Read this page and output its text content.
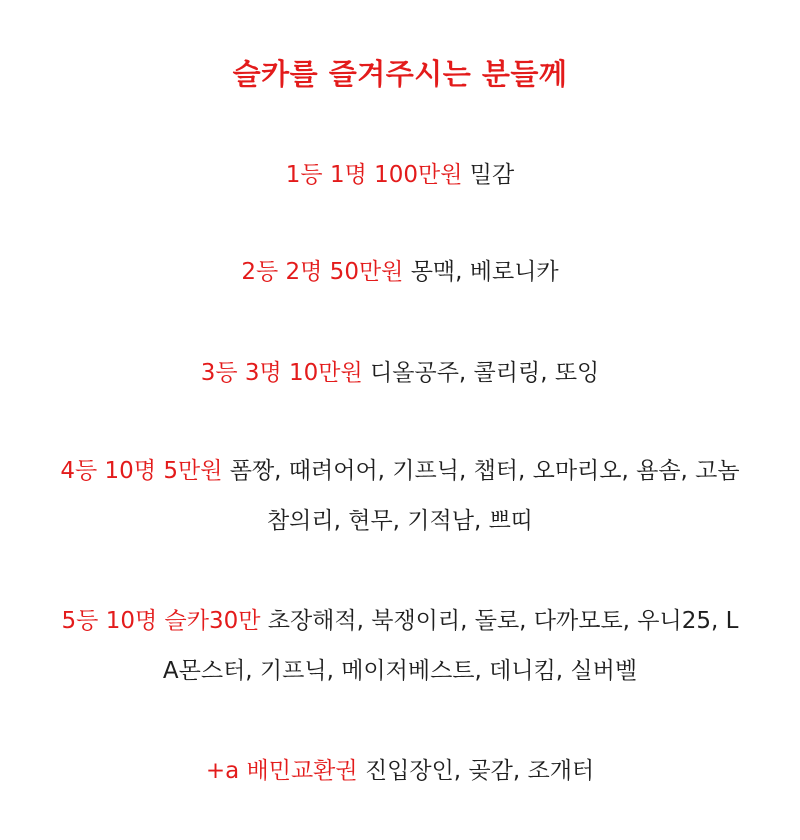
슬카를 즐겨주시는 분들께
1등 1명 100만원 밀감
2등 2명 50만원 몽맥, 베로니카
3등 3명 10만원 디올공주, 콜리링, 또잉
4등 10명 5만원 폼짱, 때려어어, 기프닉, 챕터, 오마리오, 욤솜, 고놈
참의리, 현무, 기적남, 쁘띠
5등 10명 슬카30만 초장해적, 북쟁이리, 돌로, 다까모토, 우니25, L
A몬스터, 기프닉, 메이저베스트, 데니킴, 실버벨
+a 배민교환권 진입장인, 곶감, 조개터
